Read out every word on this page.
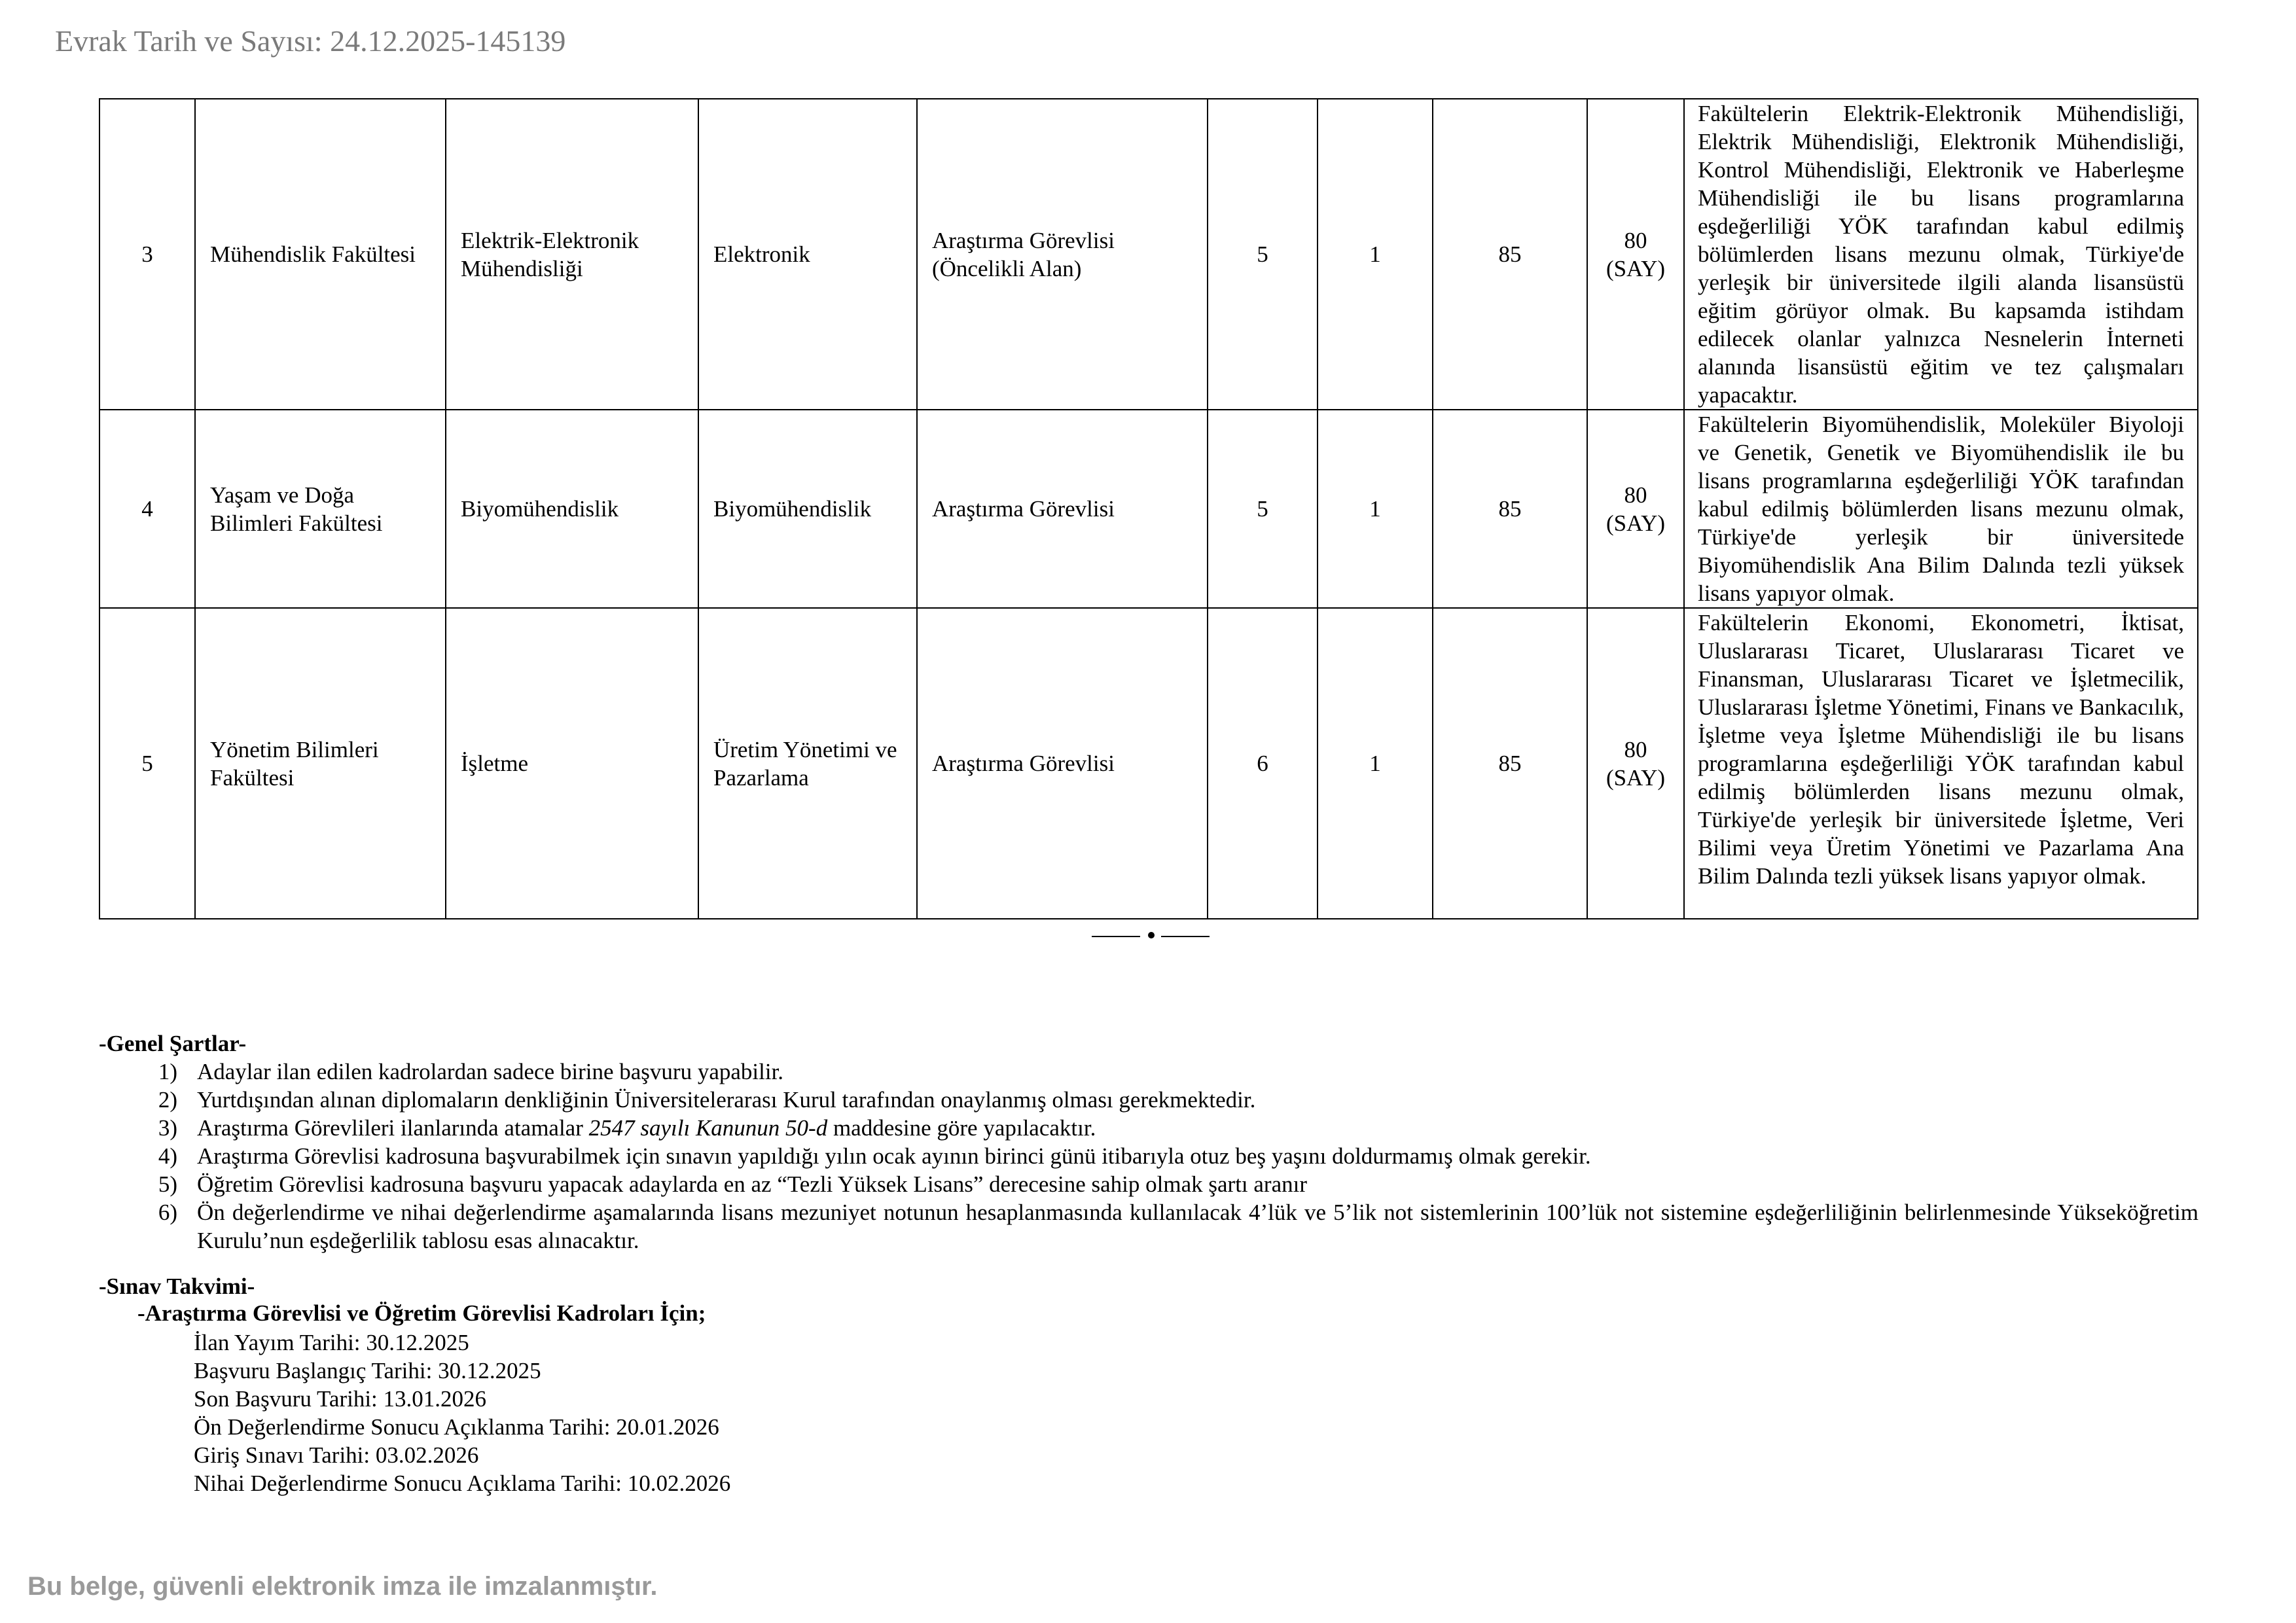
Evrak Tarih ve Sayısı: 24.12.2025-145139
3	Mühendislik Fakültesi	Elektrik-Elektronik Mühendisliği	Elektronik	Araştırma Görevlisi (Öncelikli Alan)	5	1	85	80 (SAY)	Fakültelerin Elektrik-Elektronik Mühendisliği, Elektrik Mühendisliği, Elektronik Mühendisliği, Kontrol Mühendisliği, Elektronik ve Haberleşme Mühendisliği ile bu lisans programlarına eşdeğerliliği YÖK tarafından kabul edilmiş bölümlerden lisans mezunu olmak, Türkiye'de yerleşik bir üniversitede ilgili alanda lisansüstü eğitim görüyor olmak. Bu kapsamda istihdam edilecek olanlar yalnızca Nesnelerin İnterneti alanında lisansüstü eğitim ve tez çalışmaları yapacaktır.
4	Yaşam ve Doğa Bilimleri Fakültesi	Biyomühendislik	Biyomühendislik	Araştırma Görevlisi	5	1	85	80 (SAY)	Fakültelerin Biyomühendislik, Moleküler Biyoloji ve Genetik, Genetik ve Biyomühendislik ile bu lisans programlarına eşdeğerliliği YÖK tarafından kabul edilmiş bölümlerden lisans mezunu olmak, Türkiye'de yerleşik bir üniversitede Biyomühendislik Ana Bilim Dalında tezli yüksek lisans yapıyor olmak.
5	Yönetim Bilimleri Fakültesi	İşletme	Üretim Yönetimi ve Pazarlama	Araştırma Görevlisi	6	1	85	80 (SAY)	Fakültelerin Ekonomi, Ekonometri, İktisat, Uluslararası Ticaret, Uluslararası Ticaret ve Finansman, Uluslararası Ticaret ve İşletmecilik, Uluslararası İşletme Yönetimi, Finans ve Bankacılık, İşletme veya İşletme Mühendisliği ile bu lisans programlarına eşdeğerliliği YÖK tarafından kabul edilmiş bölümlerden lisans mezunu olmak, Türkiye'de yerleşik bir üniversitede İşletme, Veri Bilimi veya Üretim Yönetimi ve Pazarlama Ana Bilim Dalında tezli yüksek lisans yapıyor olmak.
-Genel Şartlar-
1) Adaylar ilan edilen kadrolardan sadece birine başvuru yapabilir.
2) Yurtdışından alınan diplomaların denkliğinin Üniversitelerarası Kurul tarafından onaylanmış olması gerekmektedir.
3) Araştırma Görevlileri ilanlarında atamalar 2547 sayılı Kanunun 50-d maddesine göre yapılacaktır.
4) Araştırma Görevlisi kadrosuna başvurabilmek için sınavın yapıldığı yılın ocak ayının birinci günü itibarıyla otuz beş yaşını doldurmamış olmak gerekir.
5) Öğretim Görevlisi kadrosuna başvuru yapacak adaylarda en az “Tezli Yüksek Lisans” derecesine sahip olmak şartı aranır
6) Ön değerlendirme ve nihai değerlendirme aşamalarında lisans mezuniyet notunun hesaplanmasında kullanılacak 4’lük ve 5’lik not sistemlerinin 100’lük not sistemine eşdeğerliliğinin belirlenmesinde Yükseköğretim Kurulu’nun eşdeğerlilik tablosu esas alınacaktır.
-Sınav Takvimi-
-Araştırma Görevlisi ve Öğretim Görevlisi Kadroları İçin;
İlan Yayım Tarihi: 30.12.2025
Başvuru Başlangıç Tarihi: 30.12.2025
Son Başvuru Tarihi: 13.01.2026
Ön Değerlendirme Sonucu Açıklanma Tarihi: 20.01.2026
Giriş Sınavı Tarihi: 03.02.2026
Nihai Değerlendirme Sonucu Açıklama Tarihi: 10.02.2026
Bu belge, güvenli elektronik imza ile imzalanmıştır.
